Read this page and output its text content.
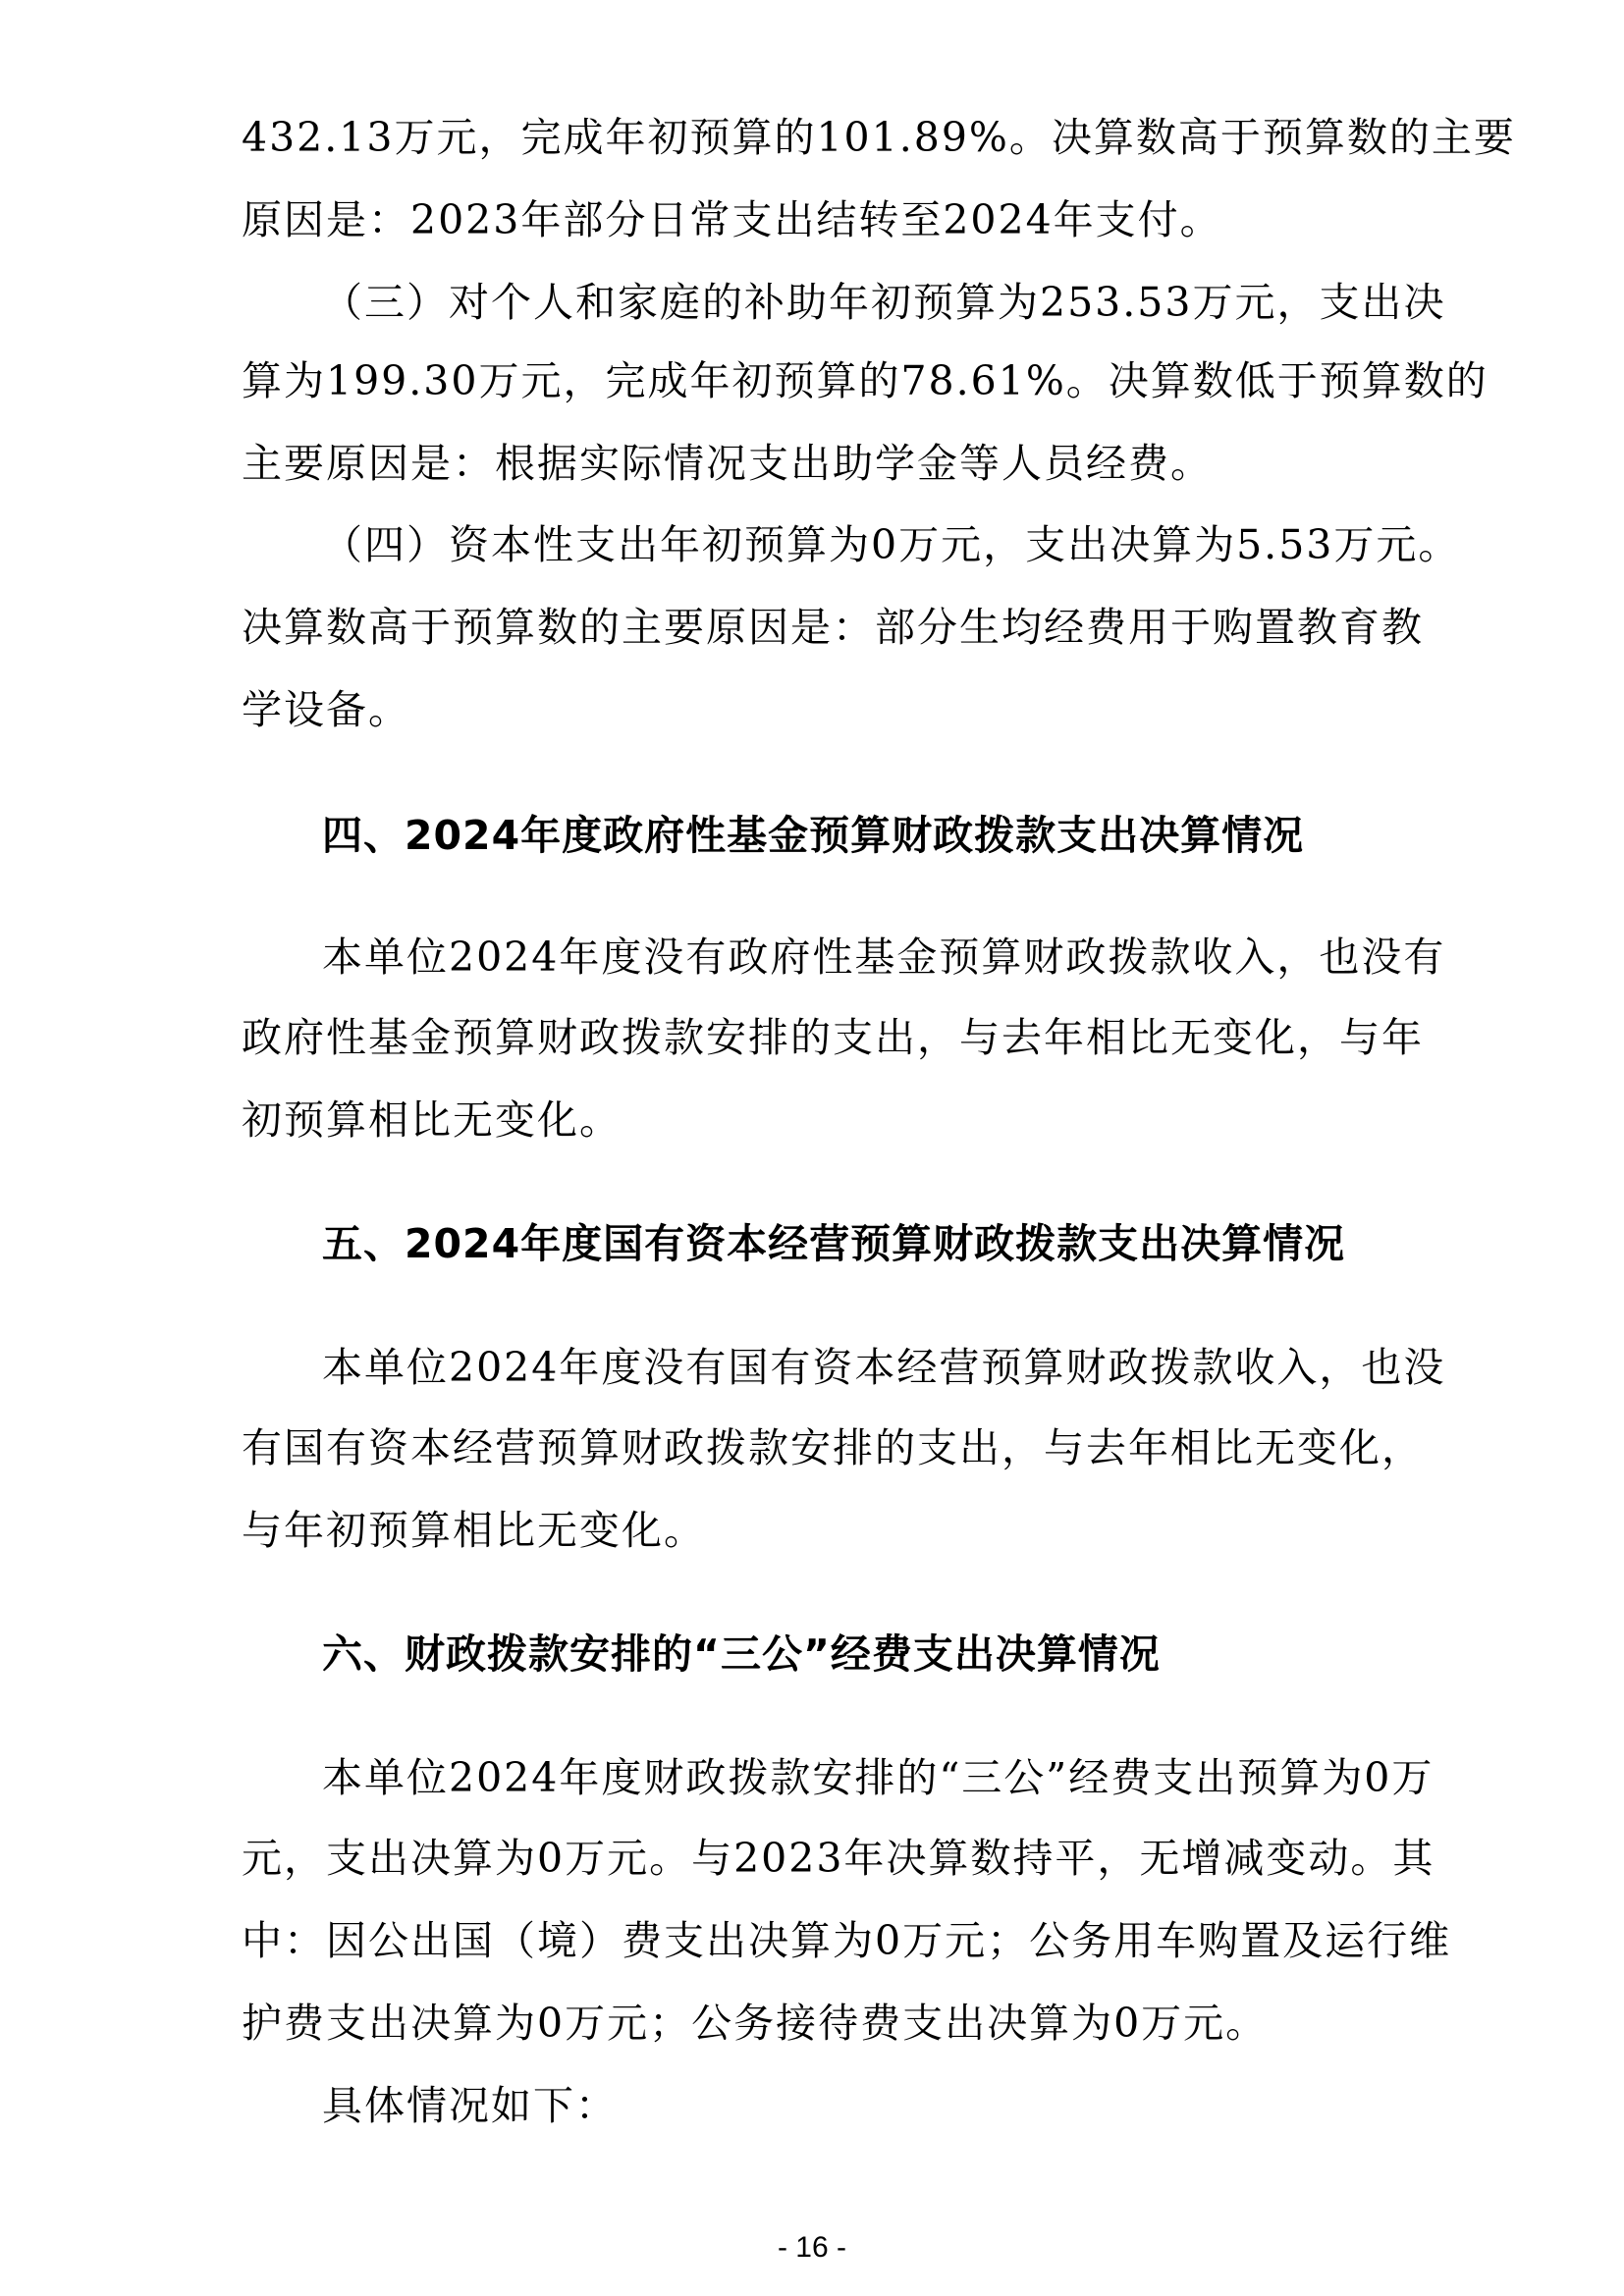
432.13万元，完成年初预算的101.89%。决算数高于预算数的主要
原因是：2023年部分日常支出结转至2024年支付。
（三）对个人和家庭的补助年初预算为253.53万元，支出决
算为199.30万元，完成年初预算的78.61%。决算数低于预算数的
主要原因是：根据实际情况支出助学金等人员经费。
（四）资本性支出年初预算为0万元，支出决算为5.53万元。
决算数高于预算数的主要原因是：部分生均经费用于购置教育教
学设备。
四、2024年度政府性基金预算财政拨款支出决算情况
本单位2024年度没有政府性基金预算财政拨款收入，也没有
政府性基金预算财政拨款安排的支出，与去年相比无变化，与年
初预算相比无变化。
五、2024年度国有资本经营预算财政拨款支出决算情况
本单位2024年度没有国有资本经营预算财政拨款收入，也没
有国有资本经营预算财政拨款安排的支出，与去年相比无变化，
与年初预算相比无变化。
六、财政拨款安排的“三公”经费支出决算情况
本单位2024年度财政拨款安排的“三公”经费支出预算为0万
元，支出决算为0万元。与2023年决算数持平，无增减变动。其
中：因公出国（境）费支出决算为0万元；公务用车购置及运行维
护费支出决算为0万元；公务接待费支出决算为0万元。
具体情况如下：
- 16 -
